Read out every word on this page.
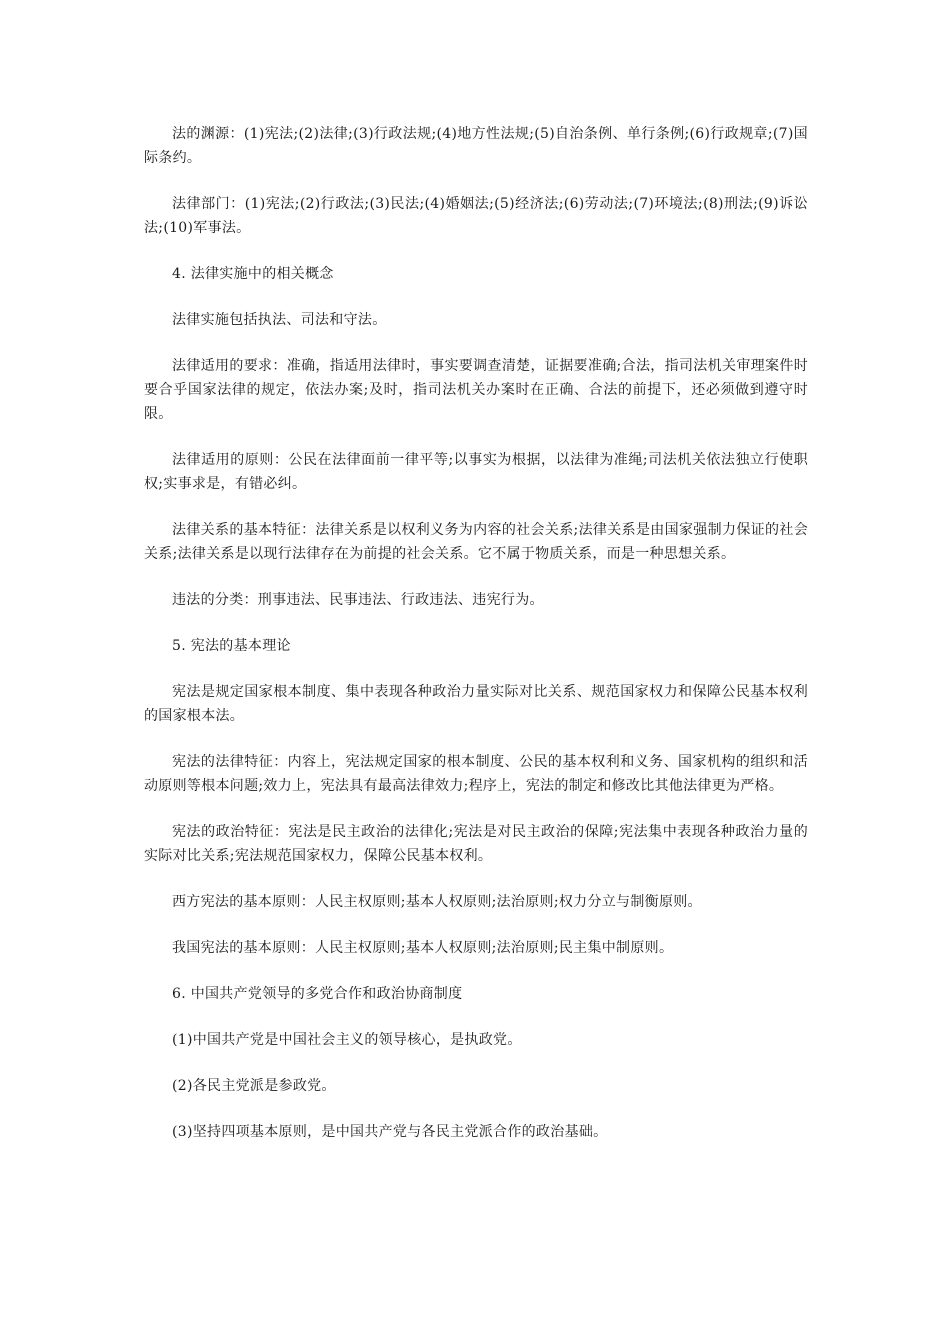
法的渊源：(1)宪法;(2)法律;(3)行政法规;(4)地方性法规;(5)自治条例、单行条例;(6)行政规章;(7)国际条约。

法律部门：(1)宪法;(2)行政法;(3)民法;(4)婚姻法;(5)经济法;(6)劳动法;(7)环境法;(8)刑法;(9)诉讼法;(10)军事法。

4. 法律实施中的相关概念

法律实施包括执法、司法和守法。

法律适用的要求：准确，指适用法律时，事实要调查清楚，证据要准确;合法，指司法机关审理案件时要合乎国家法律的规定，依法办案;及时，指司法机关办案时在正确、合法的前提下，还必须做到遵守时限。

法律适用的原则：公民在法律面前一律平等;以事实为根据，以法律为准绳;司法机关依法独立行使职权;实事求是，有错必纠。

法律关系的基本特征：法律关系是以权利义务为内容的社会关系;法律关系是由国家强制力保证的社会关系;法律关系是以现行法律存在为前提的社会关系。它不属于物质关系，而是一种思想关系。

违法的分类：刑事违法、民事违法、行政违法、违宪行为。

5. 宪法的基本理论

宪法是规定国家根本制度、集中表现各种政治力量实际对比关系、规范国家权力和保障公民基本权利的国家根本法。

宪法的法律特征：内容上，宪法规定国家的根本制度、公民的基本权利和义务、国家机构的组织和活动原则等根本问题;效力上，宪法具有最高法律效力;程序上，宪法的制定和修改比其他法律更为严格。

宪法的政治特征：宪法是民主政治的法律化;宪法是对民主政治的保障;宪法集中表现各种政治力量的实际对比关系;宪法规范国家权力，保障公民基本权利。

西方宪法的基本原则：人民主权原则;基本人权原则;法治原则;权力分立与制衡原则。

我国宪法的基本原则：人民主权原则;基本人权原则;法治原则;民主集中制原则。

6. 中国共产党领导的多党合作和政治协商制度

(1)中国共产党是中国社会主义的领导核心，是执政党。

(2)各民主党派是参政党。

(3)坚持四项基本原则，是中国共产党与各民主党派合作的政治基础。
